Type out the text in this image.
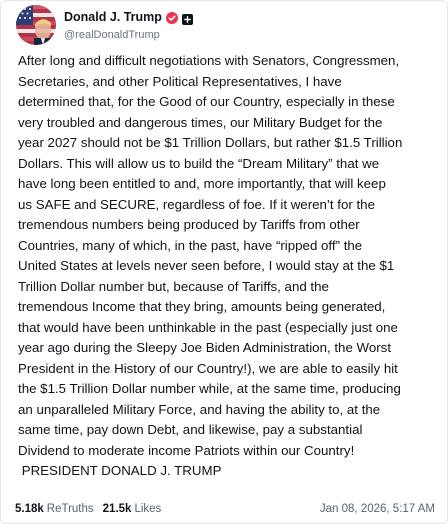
Donald J. Trump
@realDonaldTrump
After long and difficult negotiations with Senators, Congressmen,
Secretaries, and other Political Representatives, I have
determined that, for the Good of our Country, especially in these
very troubled and dangerous times, our Military Budget for the
year 2027 should not be $1 Trillion Dollars, but rather $1.5 Trillion
Dollars. This will allow us to build the “Dream Military” that we
have long been entitled to and, more importantly, that will keep
us SAFE and SECURE, regardless of foe. If it weren’t for the
tremendous numbers being produced by Tariffs from other
Countries, many of which, in the past, have “ripped off” the
United States at levels never seen before, I would stay at the $1
Trillion Dollar number but, because of Tariffs, and the
tremendous Income that they bring, amounts being generated,
that would have been unthinkable in the past (especially just one
year ago during the Sleepy Joe Biden Administration, the Worst
President in the History of our Country!), we are able to easily hit
the $1.5 Trillion Dollar number while, at the same time, producing
an unparalleled Military Force, and having the ability to, at the
same time, pay down Debt, and likewise, pay a substantial
Dividend to moderate income Patriots within our Country!
PRESIDENT DONALD J. TRUMP
5.18k ReTruths 21.5k Likes	Jan 08, 2026, 5:17 AM
